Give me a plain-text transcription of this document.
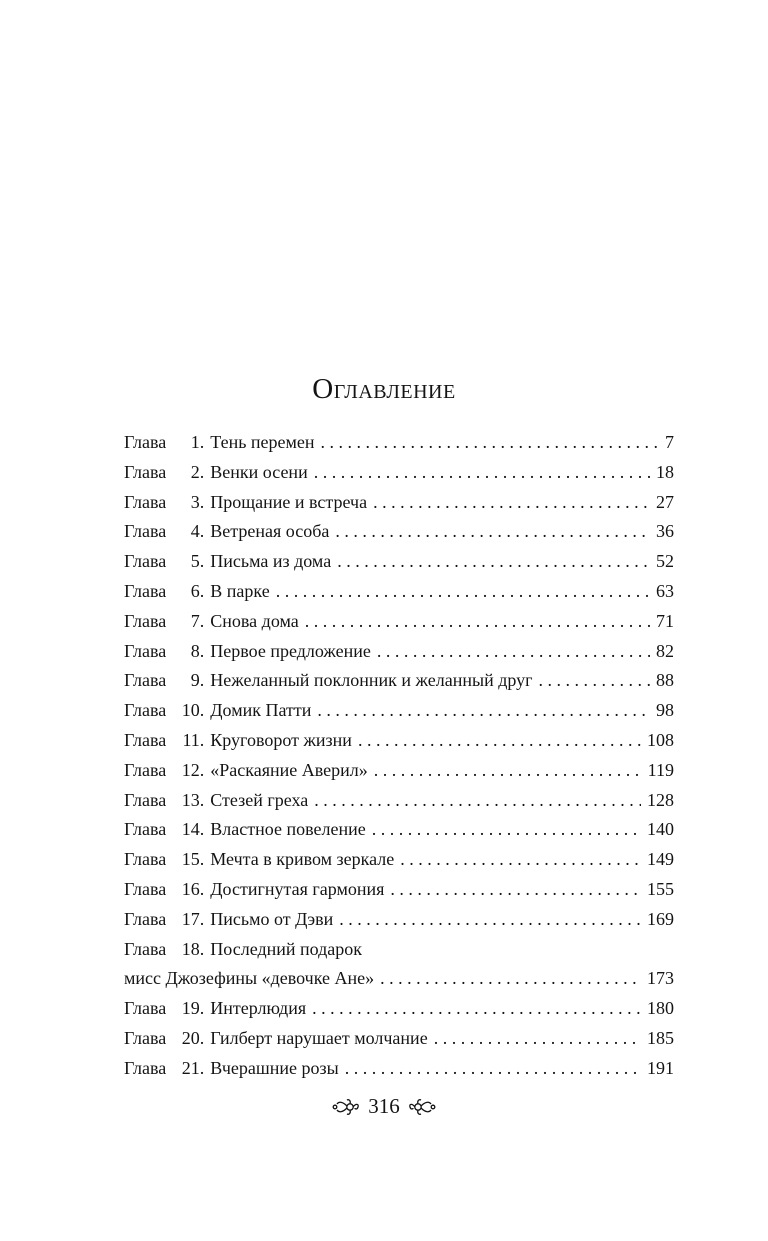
Оглавление
Глава	1. Тень перемен . . .	7
Глава	2. Венки осени . . .	18
Глава	3. Прощание и встреча . . .	27
Глава	4. Ветреная особа . . .	36
Глава	5. Письма из дома . . .	52
Глава	6. В парке . . .	63
Глава	7. Снова дома . . .	71
Глава	8. Первое предложение . . .	82
Глава	9. Нежеланный поклонник и желанный друг . . .	88
Глава 10. Домик Патти . . .	98
Глава 11. Круговорот жизни . . .	108
Глава 12. «Раскаяние Аверил» . . .	119
Глава 13. Стезей греха . . .	128
Глава 14. Властное повеление . . .	140
Глава 15. Мечта в кривом зеркале . . .	149
Глава 16. Достигнутая гармония . . .	155
Глава 17. Письмо от Дэви . . .	169
Глава 18. Последний подарок
мисс Джозефины «девочке Ане» . . .	173
Глава 19. Интерлюдия . . .	180
Глава 20. Гилберт нарушает молчание . . .	185
Глава 21. Вчерашние розы . . .	191
316
